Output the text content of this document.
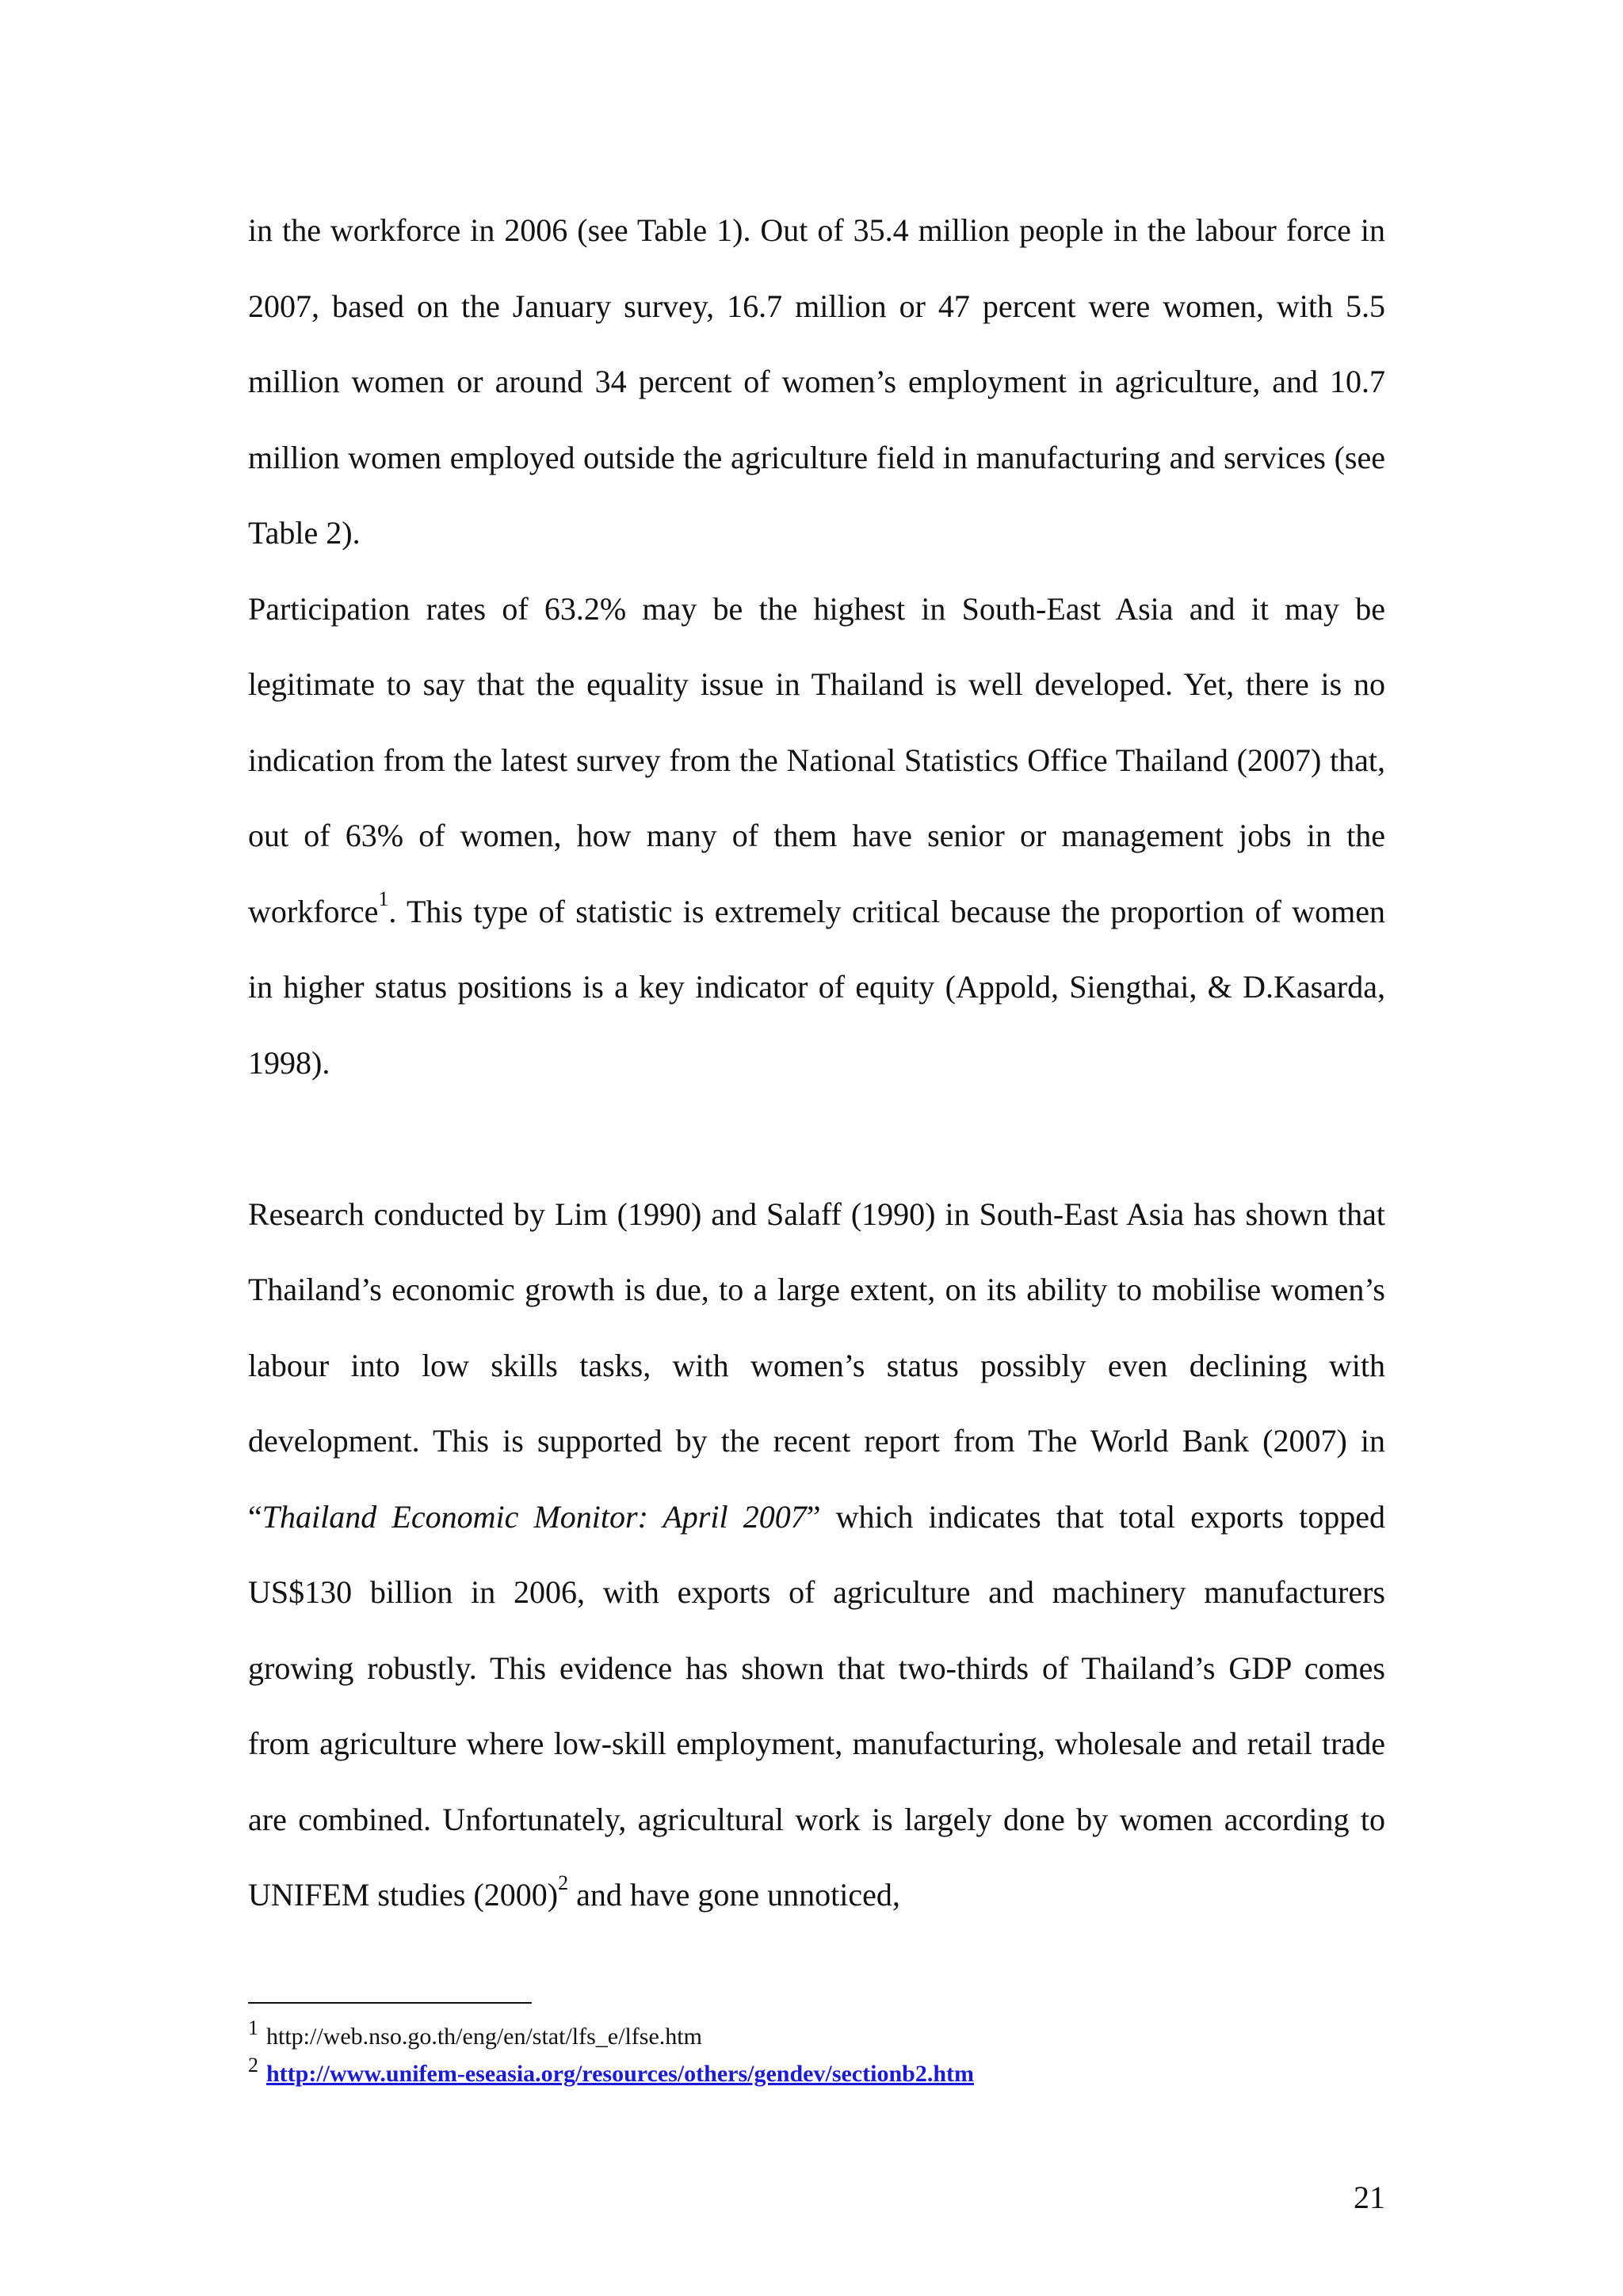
in the workforce in 2006 (see Table 1). Out of 35.4 million people in the labour force in 2007, based on the January survey, 16.7 million or 47 percent were women, with 5.5 million women or around 34 percent of women’s employment in agriculture, and 10.7 million women employed outside the agriculture field in manufacturing and services (see Table 2).

Participation rates of 63.2% may be the highest in South-East Asia and it may be legitimate to say that the equality issue in Thailand is well developed. Yet, there is no indication from the latest survey from the National Statistics Office Thailand (2007) that, out of 63% of women, how many of them have senior or management jobs in the workforce$^1$. This type of statistic is extremely critical because the proportion of women in higher status positions is a key indicator of equity (Appold, Siengthai, & D.Kasarda, 1998).

Research conducted by Lim (1990) and Salaff (1990) in South-East Asia has shown that Thailand’s economic growth is due, to a large extent, on its ability to mobilise women’s labour into low skills tasks, with women’s status possibly even declining with development. This is supported by the recent report from The World Bank (2007) in “Thailand Economic Monitor: April 2007” which indicates that total exports topped US$130 billion in 2006, with exports of agriculture and machinery manufacturers growing robustly. This evidence has shown that two-thirds of Thailand’s GDP comes from agriculture where low-skill employment, manufacturing, wholesale and retail trade are combined. Unfortunately, agricultural work is largely done by women according to UNIFEM studies $(2000)^2$ and have gone unnoticed,

1 http://web.nso.go.th/eng/en/stat/lfs_e/lfse.htm
2 http://www.unifem-eseasia.org/resources/others/gendev/sectionb2.htm
21
